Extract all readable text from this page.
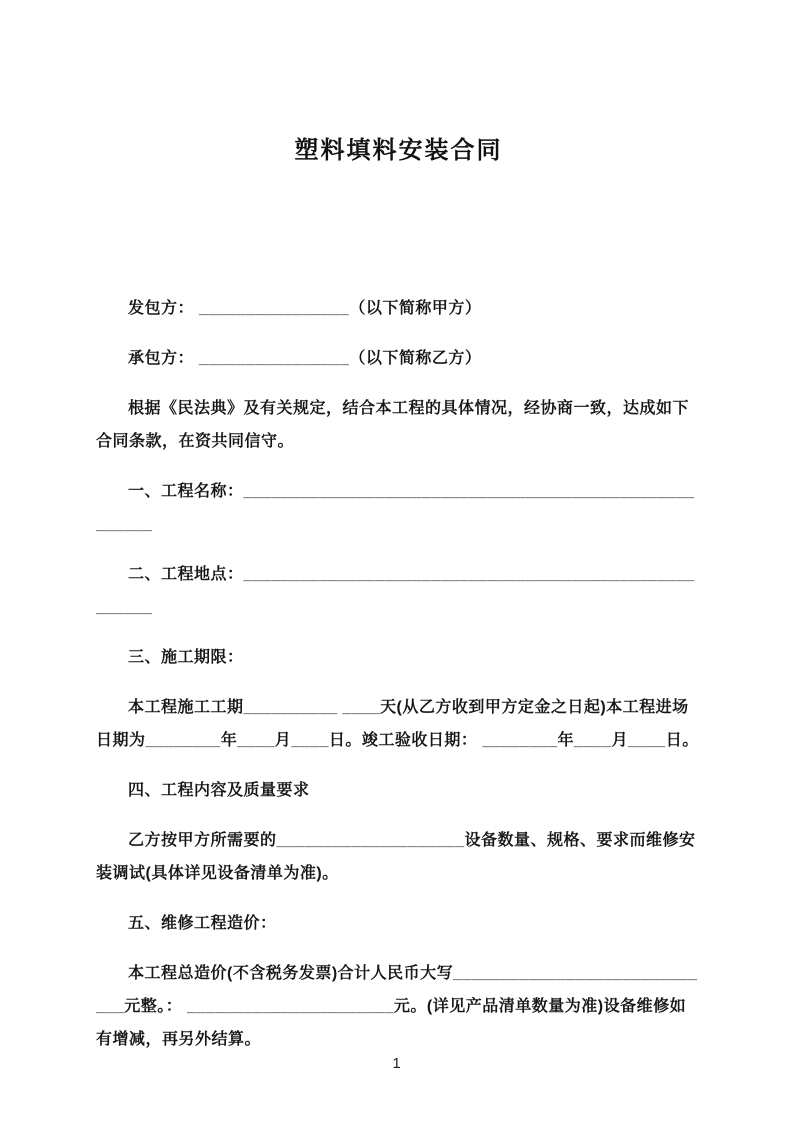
塑料填料安装合同

发包方： ________________（以下简称甲方）

承包方： ________________（以下简称乙方）

根据《民法典》及有关规定，结合本工程的具体情况，经协商一致，达成如下合同条款，在资共同信守。

一、工程名称：______________________________________________________

二、工程地点：______________________________________________________

三、施工期限：

本工程施工工期__________ ____天(从乙方收到甲方定金之日起)本工程进场日期为________年____月____日。竣工验收日期： ________年____月____日。

四、工程内容及质量要求

乙方按甲方所需要的____________________设备数量、规格、要求而维修安装调试(具体详见设备清单为准)。

五、维修工程造价：

本工程总造价(不含税务发票)合计人民币大写_____________________________元整。： ______________________元。(详见产品清单数量为准)设备维修如有增减，再另外结算。

1
